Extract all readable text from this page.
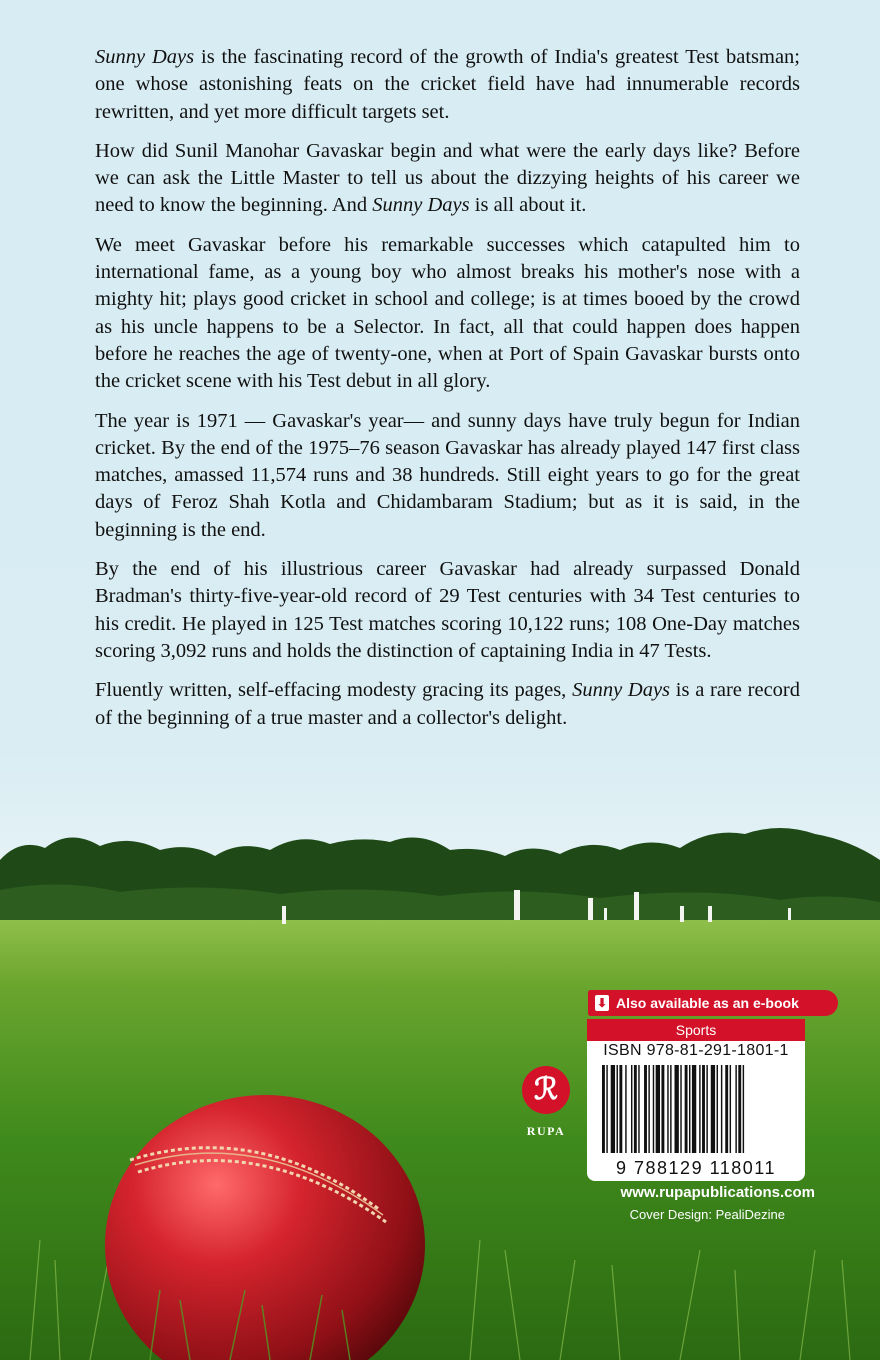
Sunny Days is the fascinating record of the growth of India's greatest Test batsman; one whose astonishing feats on the cricket field have had innumerable records rewritten, and yet more difficult targets set.

How did Sunil Manohar Gavaskar begin and what were the early days like? Before we can ask the Little Master to tell us about the dizzying heights of his career we need to know the beginning. And Sunny Days is all about it.

We meet Gavaskar before his remarkable successes which catapulted him to international fame, as a young boy who almost breaks his mother's nose with a mighty hit; plays good cricket in school and college; is at times booed by the crowd as his uncle happens to be a Selector. In fact, all that could happen does happen before he reaches the age of twenty-one, when at Port of Spain Gavaskar bursts onto the cricket scene with his Test debut in all glory.

The year is 1971 — Gavaskar's year— and sunny days have truly begun for Indian cricket. By the end of the 1975–76 season Gavaskar has already played 147 first class matches, amassed 11,574 runs and 38 hundreds. Still eight years to go for the great days of Feroz Shah Kotla and Chidambaram Stadium; but as it is said, in the beginning is the end.

By the end of his illustrious career Gavaskar had already surpassed Donald Bradman's thirty-five-year-old record of 29 Test centuries with 34 Test centuries to his credit. He played in 125 Test matches scoring 10,122 runs; 108 One-Day matches scoring 3,092 runs and holds the distinction of captaining India in 47 Tests.

Fluently written, self-effacing modesty gracing its pages, Sunny Days is a rare record of the beginning of a true master and a collector's delight.

ℛ
RUPA
⬇ Also available as an e-book
Sports
ISBN 978-81-291-1801-1
9 788129 118011
www.rupapublications.com
Cover Design: PealiDezine
